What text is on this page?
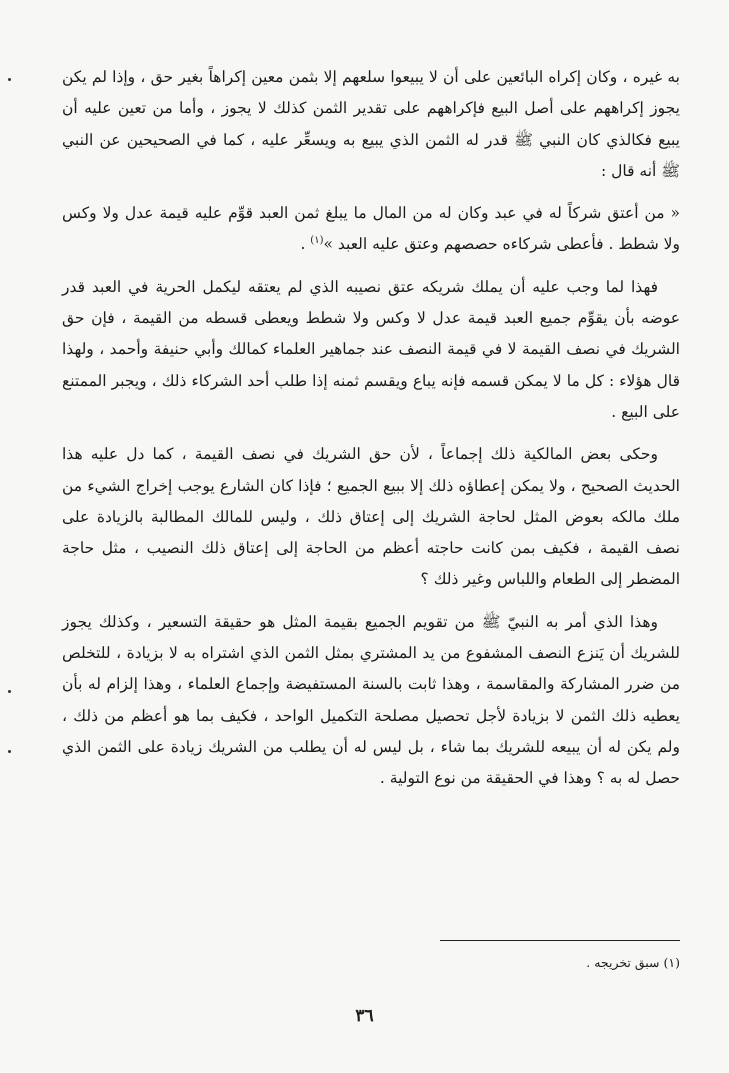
به غيره ، وكان إكراه البائعين على أن لا يبيعوا سلعهم إلا بثمن معين إكراهاً بغير حق ، وإذا لم يكن يجوز إكراههم على أصل البيع فإكراههم على تقدير الثمن كذلك لا يجوز ، وأما من تعين عليه أن يبيع فكالذي كان النبي ﷺ قدر له الثمن الذي يبيع به ويسعِّر عليه ، كما في الصحيحين عن النبي ﷺ أنه قال :

« من أعتق شركاً له في عبد وكان له من المال ما يبلغ ثمن العبد قوِّم عليه قيمة عدل ولا وكس ولا شطط . فأعطى شركاءه حصصهم وعتق عليه العبد »$^{(١)}$ .

فهذا لما وجب عليه أن يملك شريكه عتق نصيبه الذي لم يعتقه ليكمل الحرية في العبد قدر عوضه بأن يقوِّم جميع العبد قيمة عدل لا وكس ولا شطط ويعطى قسطه من القيمة ، فإن حق الشريك في نصف القيمة لا في قيمة النصف عند جماهير العلماء كمالك وأبي حنيفة وأحمد ، ولهذا قال هؤلاء : كل ما لا يمكن قسمه فإنه يباع ويقسم ثمنه إذا طلب أحد الشركاء ذلك ، ويجبر الممتنع على البيع .

وحكى بعض المالكية ذلك إجماعاً ، لأن حق الشريك في نصف القيمة ، كما دل عليه هذا الحديث الصحيح ، ولا يمكن إعطاؤه ذلك إلا ببيع الجميع ؛ فإذا كان الشارع يوجب إخراج الشيء من ملك مالكه بعوض المثل لحاجة الشريك إلى إعتاق ذلك ، وليس للمالك المطالبة بالزيادة على نصف القيمة ، فكيف بمن كانت حاجته أعظم من الحاجة إلى إعتاق ذلك النصيب ، مثل حاجة المضطر إلى الطعام واللباس وغير ذلك ؟

وهذا الذي أمر به النبيّ ﷺ من تقويم الجميع بقيمة المثل هو حقيقة التسعير ، وكذلك يجوز للشريك أن يَنزع النصف المشفوع من يد المشتري بمثل الثمن الذي اشتراه به لا بزيادة ، للتخلص من ضرر المشاركة والمقاسمة ، وهذا ثابت بالسنة المستفيضة وإجماع العلماء ، وهذا إلزام له بأن يعطيه ذلك الثمن لا بزيادة لأجل تحصيل مصلحة التكميل الواحد ، فكيف بما هو أعظم من ذلك ، ولم يكن له أن يبيعه للشريك بما شاء ، بل ليس له أن يطلب من الشريك زيادة على الثمن الذي حصل له به ؟ وهذا في الحقيقة من نوع التولية .

(١) سبق تخريجه .
٣٦
